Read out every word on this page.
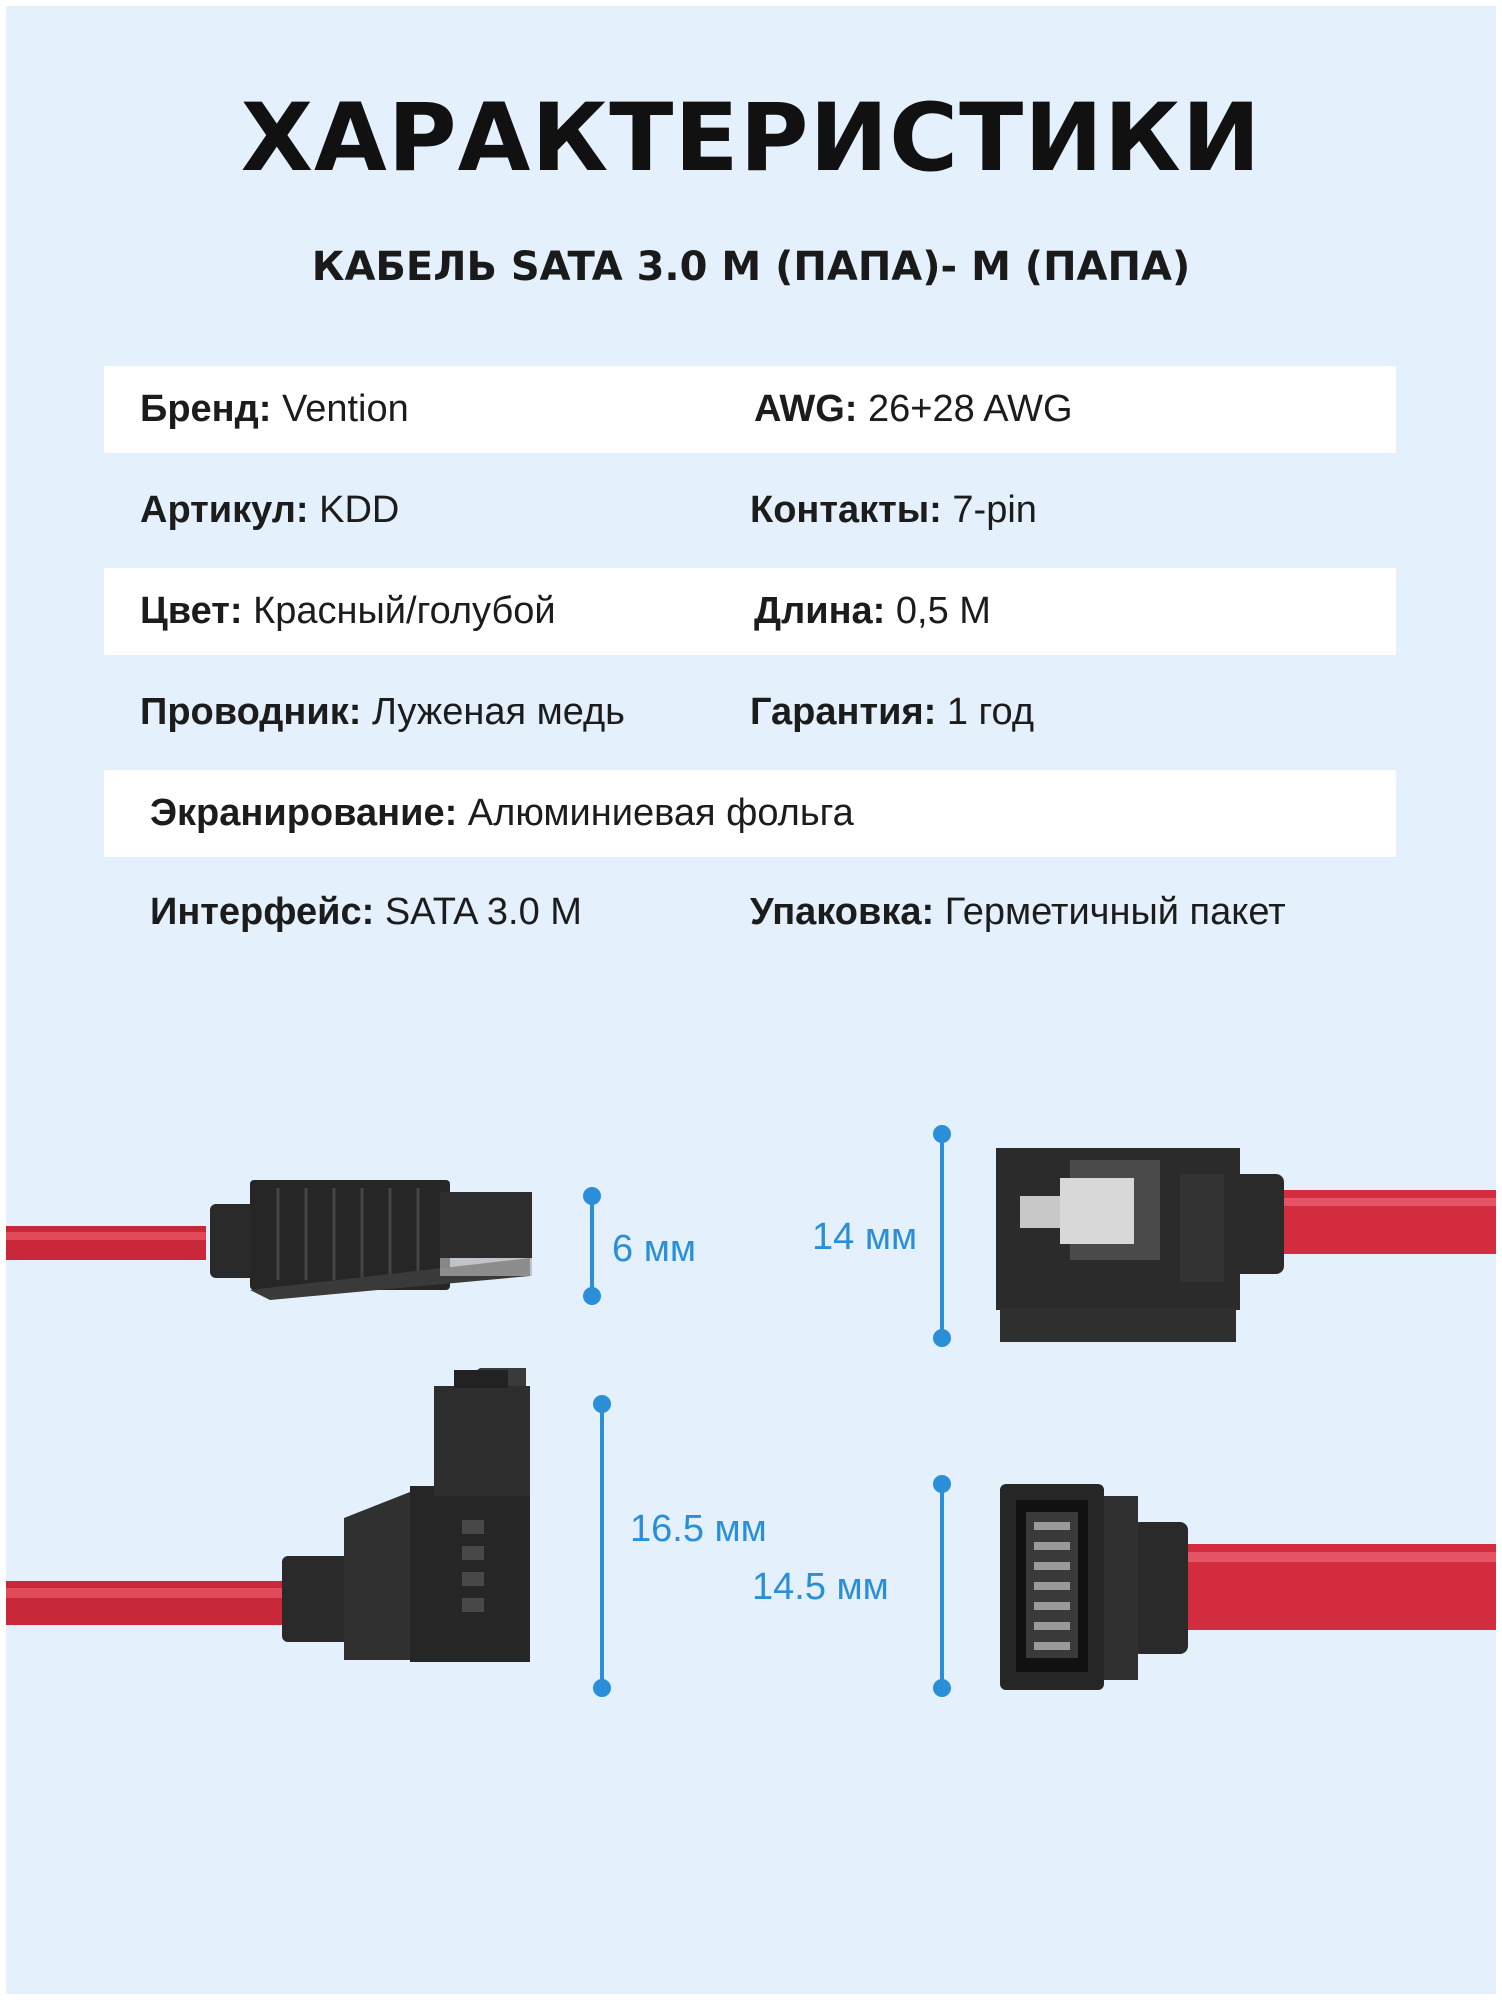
ХАРАКТЕРИСТИКИ
КАБЕЛЬ SATA 3.0 M (ПАПА)- M (ПАПА)
Бренд: Vention	AWG: 26+28 AWG
Артикул: KDD	Контакты: 7-pin
Цвет: Красный/голубой	Длина: 0,5 М
Проводник: Луженая медь	Гарантия: 1 год
Экранирование: Алюминиевая фольга
Интерфейс: SATA 3.0 M	Упаковка: Герметичный пакет
6 мм	14 мм
16.5 мм
14.5 мм
